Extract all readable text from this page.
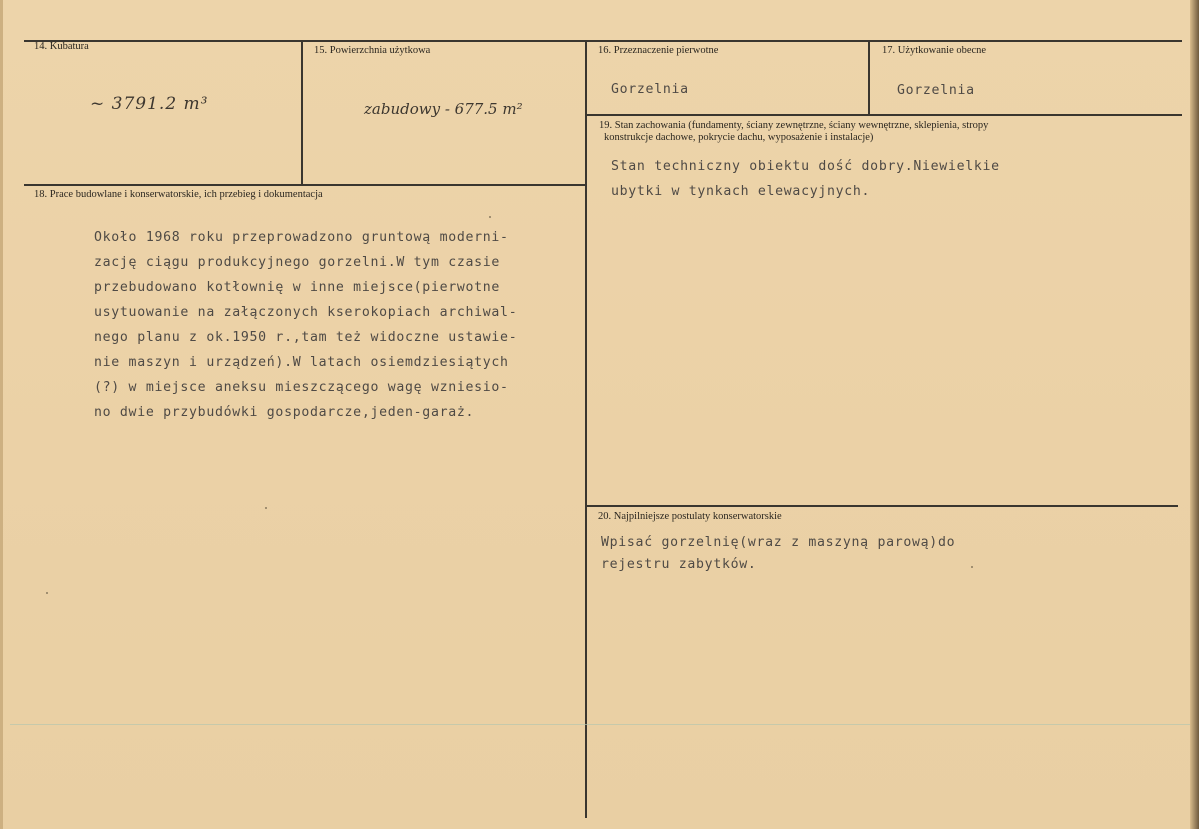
14. Kubatura
~ 3791.2 m³
15. Powierzchnia użytkowa
zabudowy - 677.5 m²
16. Przeznaczenie pierwotne
Gorzelnia
17. Użytkowanie obecne
Gorzelnia
19. Stan zachowania (fundamenty, ściany zewnętrzne, ściany wewnętrzne, sklepienia, stropy
konstrukcje dachowe, pokrycie dachu, wyposażenie i instalacje)
Stan techniczny obiektu dość dobry.Niewielkie
ubytki w tynkach elewacyjnych.
18. Prace budowlane i konserwatorskie, ich przebieg i dokumentacja
Około 1968 roku przeprowadzono gruntową moderni-
zację ciągu produkcyjnego gorzelni.W tym czasie
przebudowano kotłownię w inne miejsce(pierwotne
usytuowanie na załączonych kserokopiach archiwal-
nego planu z ok.1950 r.,tam też widoczne ustawie-
nie maszyn i urządzeń).W latach osiemdziesiątych
(?) w miejsce aneksu mieszczącego wagę wzniesio-
no dwie przybudówki gospodarcze,jeden-garaż.
20. Najpilniejsze postulaty konserwatorskie
Wpisać gorzelnię(wraz z maszyną parową)do
rejestru zabytków.
